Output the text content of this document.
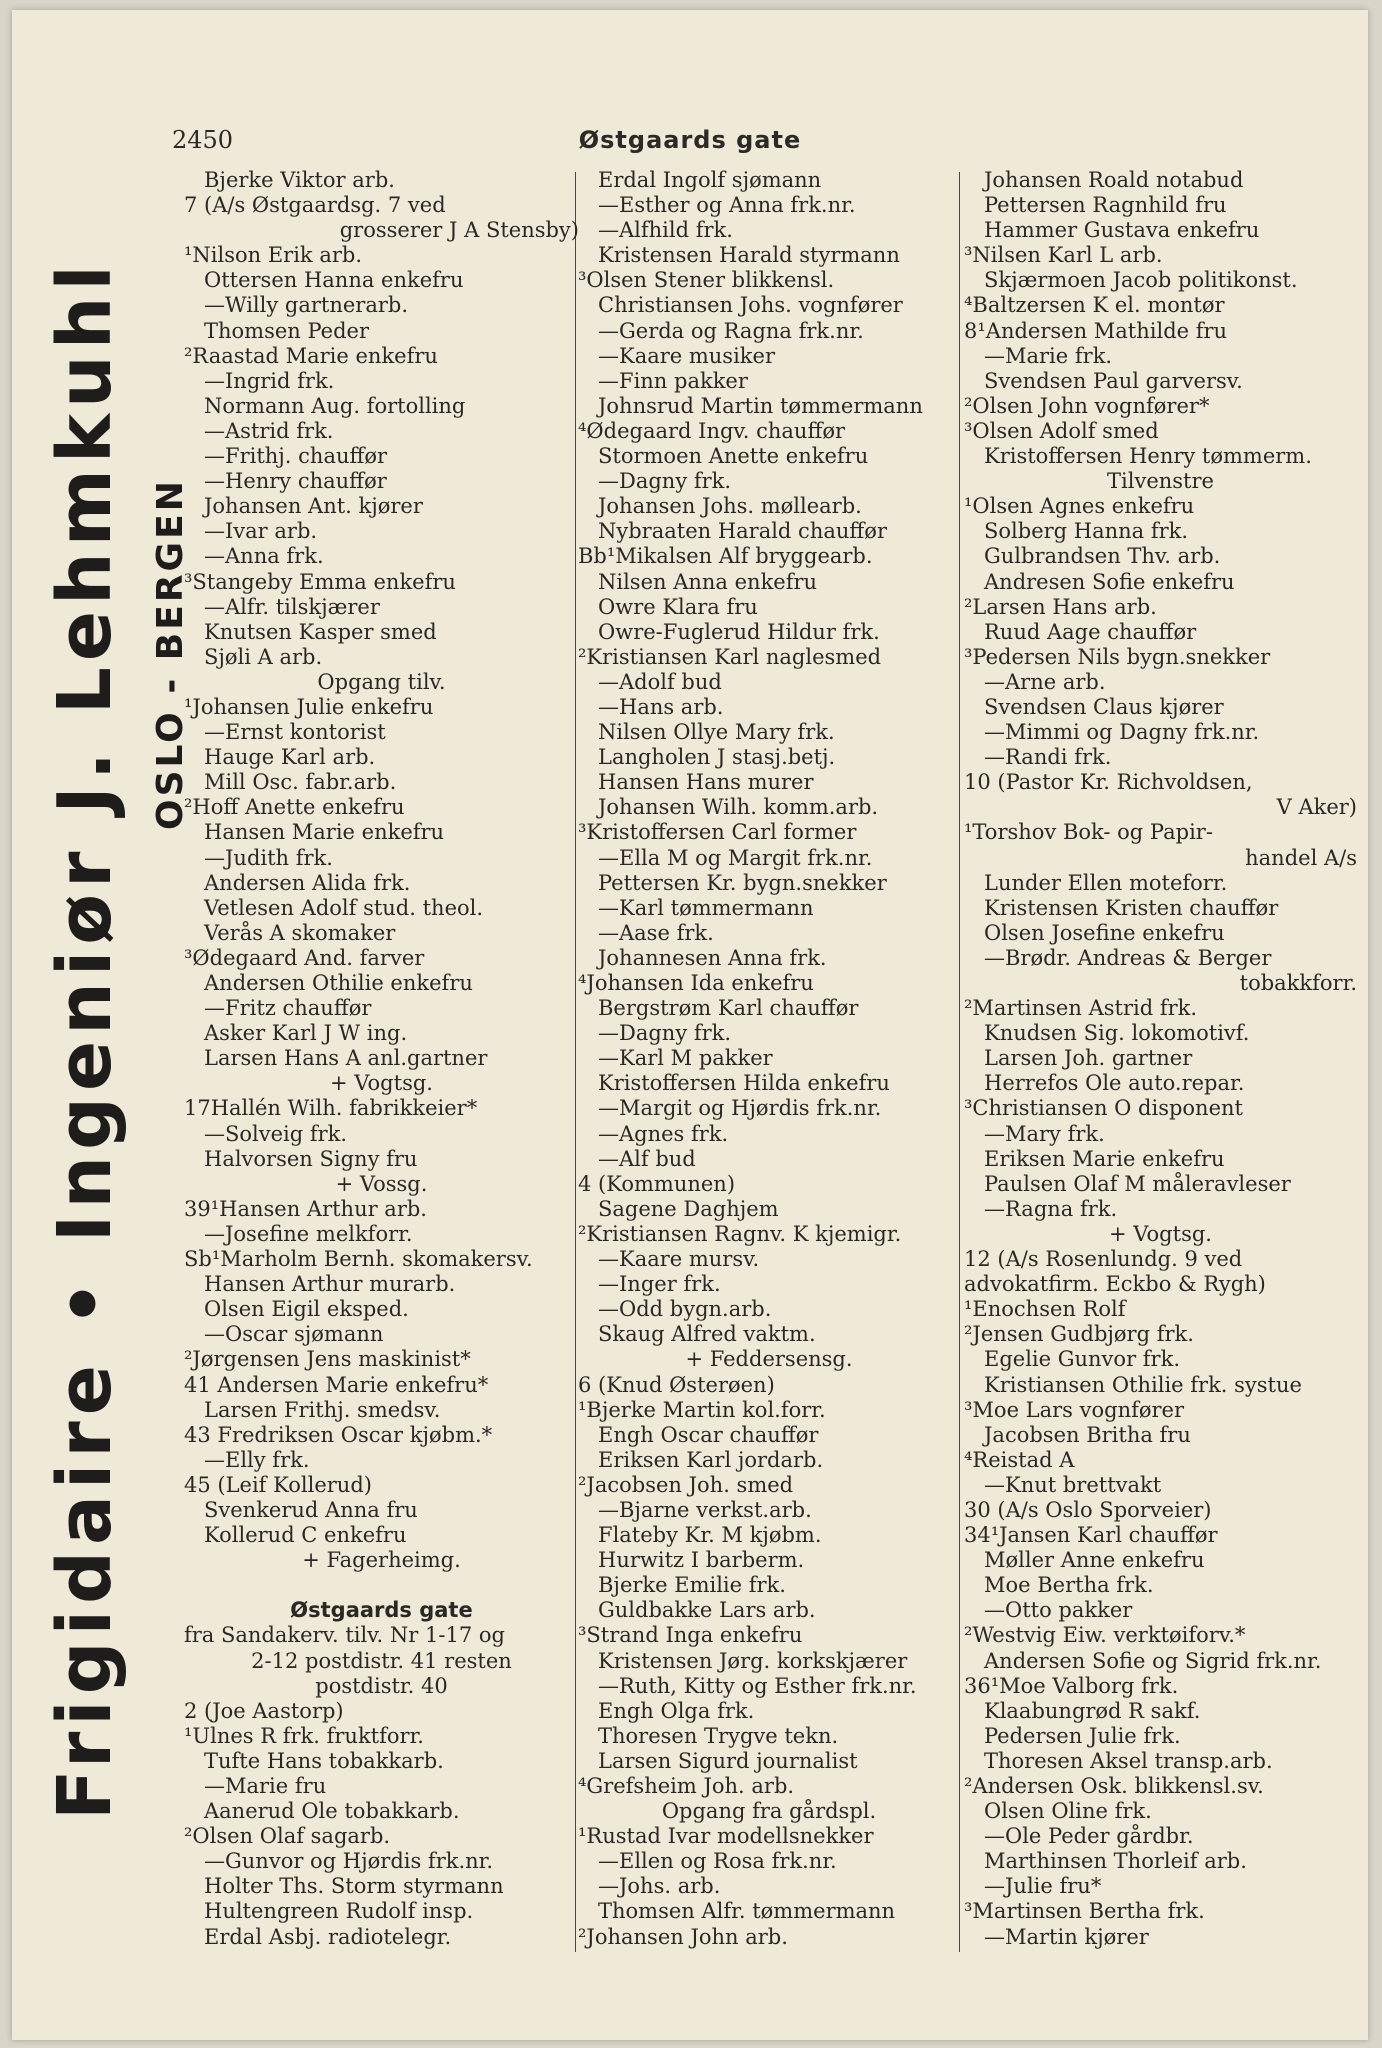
2450	Østgaards gate
Frigidaire • Ingeniør J. Lehmkuhl OSLO - BERGEN
Bjerke Viktor arb.
7 (A/s Østgaardsg. 7 ved
grosserer J A Stensby)
¹Nilson Erik arb.
Ottersen Hanna enkefru
—Willy gartnerarb.
Thomsen Peder
²Raastad Marie enkefru
—Ingrid frk.
Normann Aug. fortolling
—Astrid frk.
—Frithj. chauffør
—Henry chauffør
Johansen Ant. kjører
—Ivar arb.
—Anna frk.
³Stangeby Emma enkefru
—Alfr. tilskjærer
Knutsen Kasper smed
Sjøli A arb.
Opgang tilv.
¹Johansen Julie enkefru
—Ernst kontorist
Hauge Karl arb.
Mill Osc. fabr.arb.
²Hoff Anette enkefru
Hansen Marie enkefru
—Judith frk.
Andersen Alida frk.
Vetlesen Adolf stud. theol.
Verås A skomaker
³Ødegaard And. farver
Andersen Othilie enkefru
—Fritz chauffør
Asker Karl J W ing.
Larsen Hans A anl.gartner
+ Vogtsg.
17Hallén Wilh. fabrikkeier*
—Solveig frk.
Halvorsen Signy fru
+ Vossg.
39¹Hansen Arthur arb.
—Josefine melkforr.
Sb¹Marholm Bernh. skomakersv.
Hansen Arthur murarb.
Olsen Eigil eksped.
—Oscar sjømann
²Jørgensen Jens maskinist*
41 Andersen Marie enkefru*
Larsen Frithj. smedsv.
43 Fredriksen Oscar kjøbm.*
—Elly frk.
45 (Leif Kollerud)
Svenkerud Anna fru
Kollerud C enkefru
+ Fagerheimg.
Østgaards gate
fra Sandakerv. tilv. Nr 1-17 og
2-12 postdistr. 41 resten
postdistr. 40
2 (Joe Aastorp)
¹Ulnes R frk. fruktforr.
Tufte Hans tobakkarb.
—Marie fru
Aanerud Ole tobakkarb.
²Olsen Olaf sagarb.
—Gunvor og Hjørdis frk.nr.
Holter Ths. Storm styrmann
Hultengreen Rudolf insp.
Erdal Asbj. radiotelegr.
Erdal Ingolf sjømann
—Esther og Anna frk.nr.
—Alfhild frk.
Kristensen Harald styrmann
³Olsen Stener blikkensl.
Christiansen Johs. vognfører
—Gerda og Ragna frk.nr.
—Kaare musiker
—Finn pakker
Johnsrud Martin tømmermann
⁴Ødegaard Ingv. chauffør
Stormoen Anette enkefru
—Dagny frk.
Johansen Johs. møllearb.
Nybraaten Harald chauffør
Bb¹Mikalsen Alf bryggearb.
Nilsen Anna enkefru
Owre Klara fru
Owre-Fuglerud Hildur frk.
²Kristiansen Karl naglesmed
—Adolf bud
—Hans arb.
Nilsen Ollye Mary frk.
Langholen J stasj.betj.
Hansen Hans murer
Johansen Wilh. komm.arb.
³Kristoffersen Carl former
—Ella M og Margit frk.nr.
Pettersen Kr. bygn.snekker
—Karl tømmermann
—Aase frk.
Johannesen Anna frk.
⁴Johansen Ida enkefru
Bergstrøm Karl chauffør
—Dagny frk.
—Karl M pakker
Kristoffersen Hilda enkefru
—Margit og Hjørdis frk.nr.
—Agnes frk.
—Alf bud
4 (Kommunen)
Sagene Daghjem
²Kristiansen Ragnv. K kjemigr.
—Kaare mursv.
—Inger frk.
—Odd bygn.arb.
Skaug Alfred vaktm.
+ Feddersensg.
6 (Knud Østerøen)
¹Bjerke Martin kol.forr.
Engh Oscar chauffør
Eriksen Karl jordarb.
²Jacobsen Joh. smed
—Bjarne verkst.arb.
Flateby Kr. M kjøbm.
Hurwitz I barberm.
Bjerke Emilie frk.
Guldbakke Lars arb.
³Strand Inga enkefru
Kristensen Jørg. korkskjærer
—Ruth, Kitty og Esther frk.nr.
Engh Olga frk.
Thoresen Trygve tekn.
Larsen Sigurd journalist
⁴Grefsheim Joh. arb.
Opgang fra gårdspl.
¹Rustad Ivar modellsnekker
—Ellen og Rosa frk.nr.
—Johs. arb.
Thomsen Alfr. tømmermann
²Johansen John arb.
Johansen Roald notabud
Pettersen Ragnhild fru
Hammer Gustava enkefru
³Nilsen Karl L arb.
Skjærmoen Jacob politikonst.
⁴Baltzersen K el. montør
8¹Andersen Mathilde fru
—Marie frk.
Svendsen Paul garversv.
²Olsen John vognfører*
³Olsen Adolf smed
Kristoffersen Henry tømmerm.
Tilvenstre
¹Olsen Agnes enkefru
Solberg Hanna frk.
Gulbrandsen Thv. arb.
Andresen Sofie enkefru
²Larsen Hans arb.
Ruud Aage chauffør
³Pedersen Nils bygn.snekker
—Arne arb.
Svendsen Claus kjører
—Mimmi og Dagny frk.nr.
—Randi frk.
10 (Pastor Kr. Richvoldsen,
V Aker)
¹Torshov Bok- og Papir-
handel A/s
Lunder Ellen moteforr.
Kristensen Kristen chauffør
Olsen Josefine enkefru
—Brødr. Andreas & Berger
tobakkforr.
²Martinsen Astrid frk.
Knudsen Sig. lokomotivf.
Larsen Joh. gartner
Herrefos Ole auto.repar.
³Christiansen O disponent
—Mary frk.
Eriksen Marie enkefru
Paulsen Olaf M måleravleser
—Ragna frk.
+ Vogtsg.
12 (A/s Rosenlundg. 9 ved
advokatfirm. Eckbo & Rygh)
¹Enochsen Rolf
²Jensen Gudbjørg frk.
Egelie Gunvor frk.
Kristiansen Othilie frk. systue
³Moe Lars vognfører
Jacobsen Britha fru
⁴Reistad A
—Knut brettvakt
30 (A/s Oslo Sporveier)
34¹Jansen Karl chauffør
Møller Anne enkefru
Moe Bertha frk.
—Otto pakker
²Westvig Eiw. verktøiforv.*
Andersen Sofie og Sigrid frk.nr.
36¹Moe Valborg frk.
Klaabungrød R sakf.
Pedersen Julie frk.
Thoresen Aksel transp.arb.
²Andersen Osk. blikkensl.sv.
Olsen Oline frk.
—Ole Peder gårdbr.
Marthinsen Thorleif arb.
—Julie fru*
³Martinsen Bertha frk.
—Martin kjører
